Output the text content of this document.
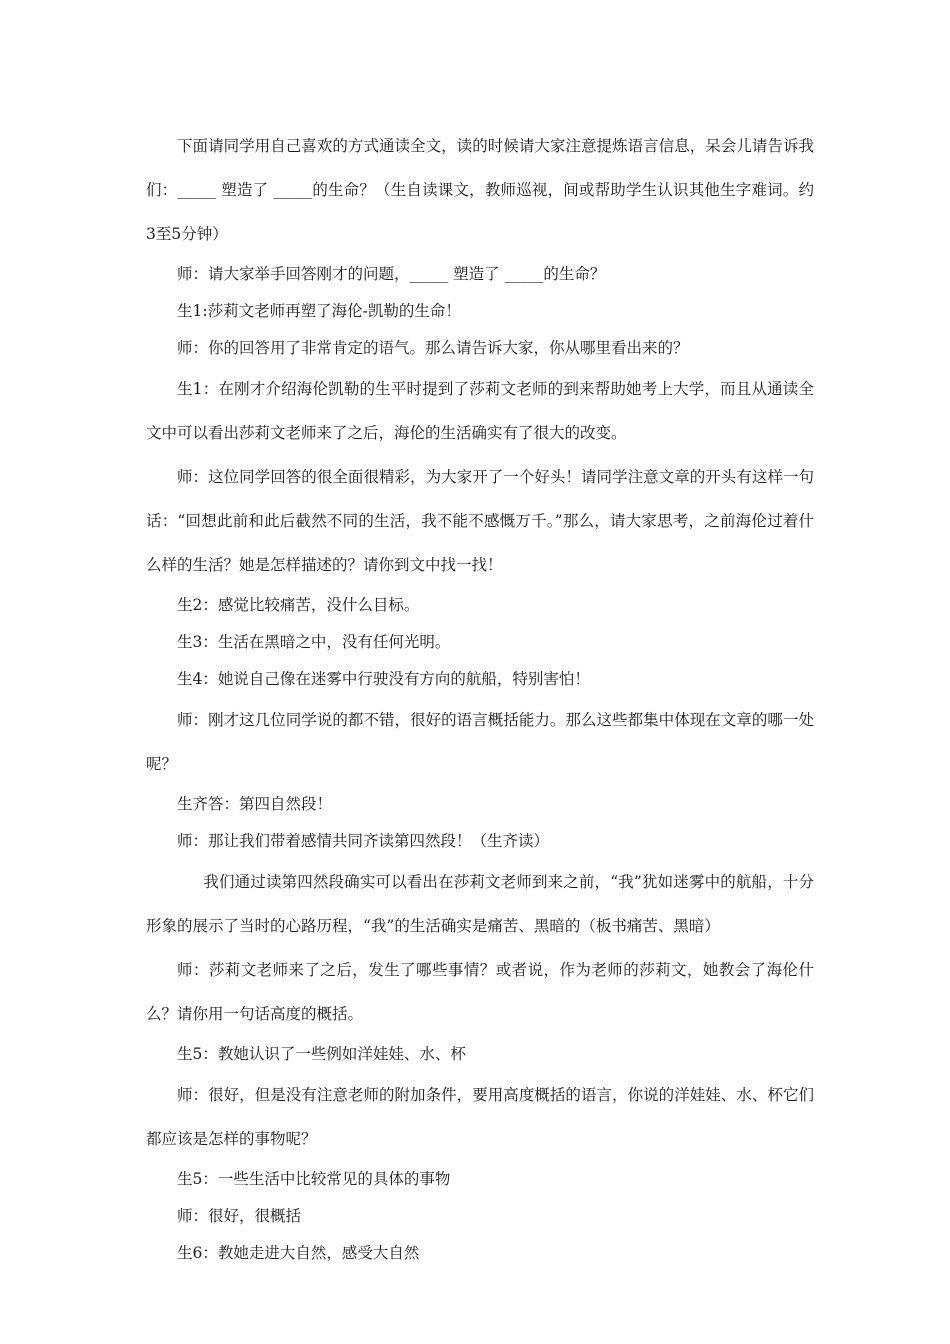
下面请同学用自己喜欢的方式通读全文，读的时候请大家注意提炼语言信息，呆会儿请告诉我们：_____ 塑造了 _____的生命？（生自读课文，教师巡视，间或帮助学生认识其他生字难词。约3至5分钟）

师：请大家举手回答刚才的问题，_____ 塑造了 _____的生命？

生1:莎莉文老师再塑了海伦-凯勒的生命！

师：你的回答用了非常肯定的语气。那么请告诉大家，你从哪里看出来的？

生1：在刚才介绍海伦凯勒的生平时提到了莎莉文老师的到来帮助她考上大学，而且从通读全文中可以看出莎莉文老师来了之后，海伦的生活确实有了很大的改变。

师：这位同学回答的很全面很精彩，为大家开了一个好头！请同学注意文章的开头有这样一句话：“回想此前和此后截然不同的生活，我不能不感慨万千。”那么，请大家思考，之前海伦过着什么样的生活？她是怎样描述的？请你到文中找一找！

生2：感觉比较痛苦，没什么目标。

生3：生活在黑暗之中，没有任何光明。

生4：她说自己像在迷雾中行驶没有方向的航船，特别害怕！

师：刚才这几位同学说的都不错，很好的语言概括能力。那么这些都集中体现在文章的哪一处呢？

生齐答：第四自然段！

师：那让我们带着感情共同齐读第四然段！（生齐读）

我们通过读第四然段确实可以看出在莎莉文老师到来之前，“我”犹如迷雾中的航船，十分形象的展示了当时的心路历程，“我”的生活确实是痛苦、黑暗的（板书痛苦、黑暗）

师：莎莉文老师来了之后，发生了哪些事情？或者说，作为老师的莎莉文，她教会了海伦什么？请你用一句话高度的概括。

生5：教她认识了一些例如洋娃娃、水、杯

师：很好，但是没有注意老师的附加条件，要用高度概括的语言，你说的洋娃娃、水、杯它们都应该是怎样的事物呢？

生5：一些生活中比较常见的具体的事物

师：很好，很概括

生6：教她走进大自然，感受大自然
